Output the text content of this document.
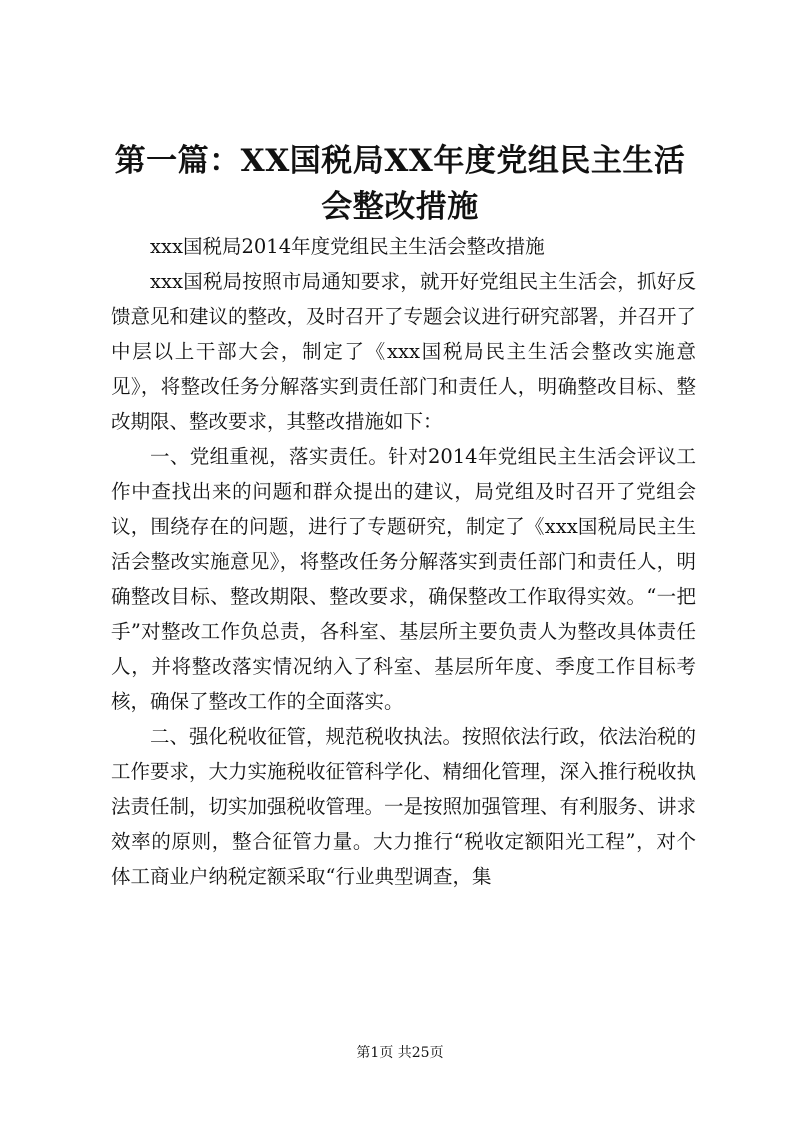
第一篇：XX国税局XX年度党组民主生活会整改措施

xxx国税局2014年度党组民主生活会整改措施

xxx国税局按照市局通知要求，就开好党组民主生活会，抓好反馈意见和建议的整改，及时召开了专题会议进行研究部署，并召开了中层以上干部大会，制定了《xxx国税局民主生活会整改实施意见》，将整改任务分解落实到责任部门和责任人，明确整改目标、整改期限、整改要求，其整改措施如下：

一、党组重视，落实责任。针对2014年党组民主生活会评议工作中查找出来的问题和群众提出的建议，局党组及时召开了党组会议，围绕存在的问题，进行了专题研究，制定了《xxx国税局民主生活会整改实施意见》，将整改任务分解落实到责任部门和责任人，明确整改目标、整改期限、整改要求，确保整改工作取得实效。“一把手”对整改工作负总责，各科室、基层所主要负责人为整改具体责任人，并将整改落实情况纳入了科室、基层所年度、季度工作目标考核，确保了整改工作的全面落实。

二、强化税收征管，规范税收执法。按照依法行政，依法治税的工作要求，大力实施税收征管科学化、精细化管理，深入推行税收执法责任制，切实加强税收管理。一是按照加强管理、有利服务、讲求效率的原则，整合征管力量。大力推行“税收定额阳光工程”，对个体工商业户纳税定额采取“行业典型调查，集

第1页 共25页
